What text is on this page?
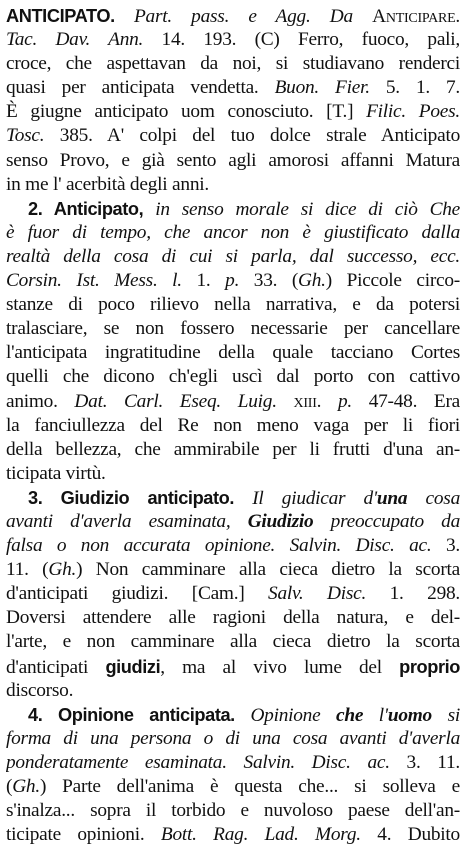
ANTICIPATO. Part. pass. e Agg. Da Anticipare.
Tac. Dav. Ann. 14. 193. (C) Ferro, fuoco, pali,
croce, che aspettavan da noi, si studiavano renderci
quasi per anticipata vendetta. Buon. Fier. 5. 1. 7.
È giugne anticipato uom conosciuto. [T.] Filic. Poes.
Tosc. 385. A' colpi del tuo dolce strale Anticipato
senso Provo, e già sento agli amorosi affanni Matura
in me l' acerbità degli anni.
2. Anticipato, in senso morale si dice di ciò Che
è fuor di tempo, che ancor non è giustificato dalla
realtà della cosa di cui si parla, dal successo, ecc.
Corsin. Ist. Mess. l. 1. p. 33. (Gh.) Piccole circo-
stanze di poco rilievo nella narrativa, e da potersi
tralasciare, se non fossero necessarie per cancellare
l'anticipata ingratitudine della quale tacciano Cortes
quelli che dicono ch'egli uscì dal porto con cattivo
animo. Dat. Carl. Eseq. Luig. xiii. p. 47-48. Era
la fanciullezza del Re non meno vaga per li fiori
della bellezza, che ammirabile per li frutti d'una an-
ticipata virtù.
3. Giudizio anticipato. Il giudicar d'una cosa
avanti d'averla esaminata, Giudizio preoccupato da
falsa o non accurata opinione. Salvin. Disc. ac. 3.
11. (Gh.) Non camminare alla cieca dietro la scorta
d'anticipati giudizi. [Cam.] Salv. Disc. 1. 298.
Doversi attendere alle ragioni della natura, e del-
l'arte, e non camminare alla cieca dietro la scorta
d'anticipati giudizi, ma al vivo lume del proprio
discorso.
4. Opinione anticipata. Opinione che l'uomo si
forma di una persona o di una cosa avanti d'averla
ponderatamente esaminata. Salvin. Disc. ac. 3. 11.
(Gh.) Parte dell'anima è questa che... si solleva e
s'inalza... sopra il torbido e nuvoloso paese dell'an-
ticipate opinioni. Bott. Rag. Lad. Morg. 4. Dubito
